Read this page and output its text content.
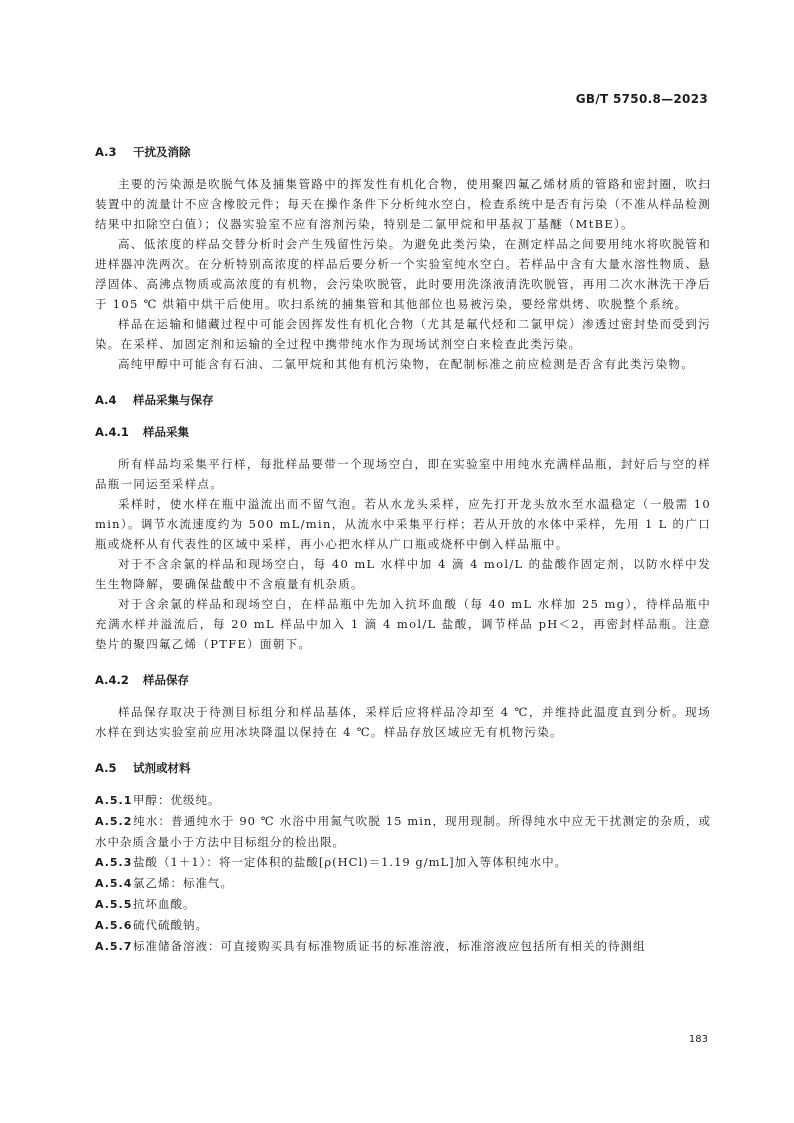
GB/T 5750.8—2023

A.3 干扰及消除

主要的污染源是吹脱气体及捕集管路中的挥发性有机化合物，使用聚四氟乙烯材质的管路和密封圈，吹扫装置中的流量计不应含橡胶元件；每天在操作条件下分析纯水空白，检查系统中是否有污染（不准从样品检测结果中扣除空白值）；仪器实验室不应有溶剂污染，特别是二氯甲烷和甲基叔丁基醚（MtBE）。

高、低浓度的样品交替分析时会产生残留性污染。为避免此类污染，在测定样品之间要用纯水将吹脱管和进样器冲洗两次。在分析特别高浓度的样品后要分析一个实验室纯水空白。若样品中含有大量水溶性物质、悬浮固体、高沸点物质或高浓度的有机物，会污染吹脱管，此时要用洗涤液清洗吹脱管，再用二次水淋洗干净后于 105 ℃ 烘箱中烘干后使用。吹扫系统的捕集管和其他部位也易被污染，要经常烘烤、吹脱整个系统。

样品在运输和储藏过程中可能会因挥发性有机化合物（尤其是氟代烃和二氯甲烷）渗透过密封垫而受到污染。在采样、加固定剂和运输的全过程中携带纯水作为现场试剂空白来检查此类污染。

高纯甲醇中可能含有石油、二氯甲烷和其他有机污染物，在配制标准之前应检测是否含有此类污染物。

A.4 样品采集与保存

A.4.1 样品采集

所有样品均采集平行样，每批样品要带一个现场空白，即在实验室中用纯水充满样品瓶，封好后与空的样品瓶一同运至采样点。

采样时，使水样在瓶中溢流出而不留气泡。若从水龙头采样，应先打开龙头放水至水温稳定（一般需 10 min）。调节水流速度约为 500 mL/min，从流水中采集平行样；若从开放的水体中采样，先用 1 L 的广口瓶或烧杯从有代表性的区域中采样，再小心把水样从广口瓶或烧杯中倒入样品瓶中。

对于不含余氯的样品和现场空白，每 40 mL 水样中加 4 滴 4 mol/L 的盐酸作固定剂，以防水样中发生生物降解，要确保盐酸中不含痕量有机杂质。

对于含余氯的样品和现场空白，在样品瓶中先加入抗坏血酸（每 40 mL 水样加 25 mg），待样品瓶中充满水样并溢流后，每 20 mL 样品中加入 1 滴 4 mol/L 盐酸，调节样品 pH＜2，再密封样品瓶。注意垫片的聚四氟乙烯（PTFE）面朝下。

A.4.2 样品保存

样品保存取决于待测目标组分和样品基体，采样后应将样品冷却至 4 ℃，并维持此温度直到分析。现场水样在到达实验室前应用冰块降温以保持在 4 ℃。样品存放区域应无有机物污染。

A.5 试剂或材料

A.5.1甲醇：优级纯。

A.5.2纯水：普通纯水于 90 ℃ 水浴中用氮气吹脱 15 min，现用现制。所得纯水中应无干扰测定的杂质，或水中杂质含量小于方法中目标组分的检出限。

A.5.3盐酸（1＋1）：将一定体积的盐酸[ρ(HCl)＝1.19 g/mL]加入等体积纯水中。

A.5.4氯乙烯：标准气。

A.5.5抗坏血酸。

A.5.6硫代硫酸钠。

A.5.7标准储备溶液：可直接购买具有标准物质证书的标准溶液，标准溶液应包括所有相关的待测组

183
